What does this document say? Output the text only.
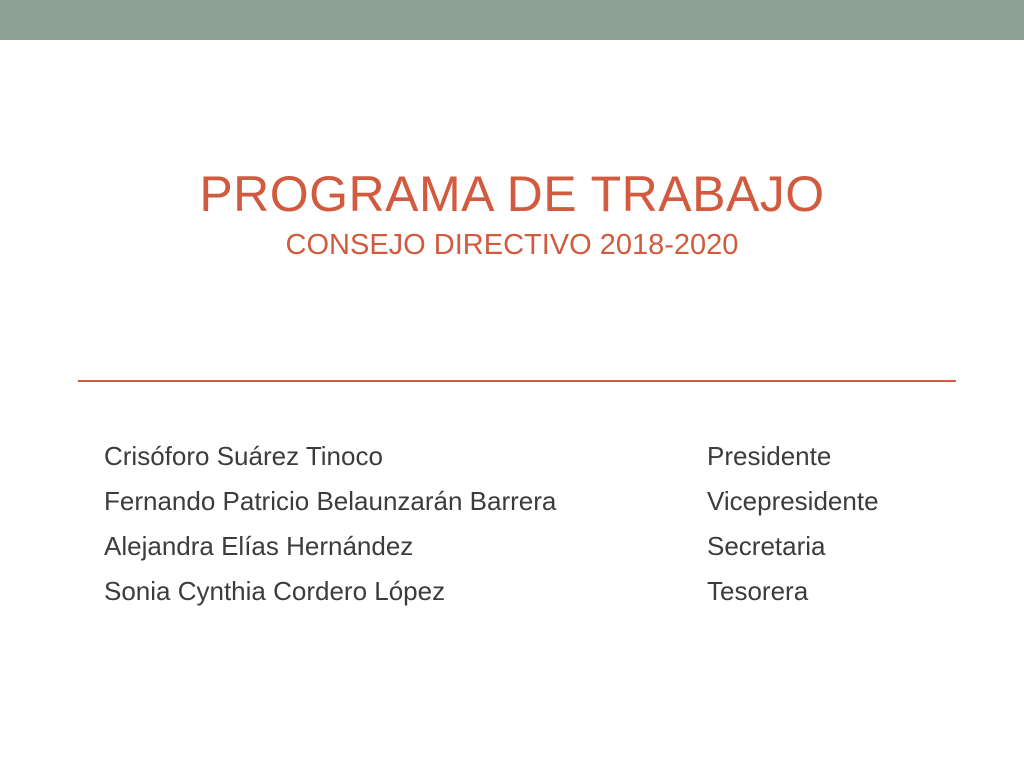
PROGRAMA DE TRABAJO
CONSEJO DIRECTIVO 2018-2020
Crisóforo Suárez Tinoco	Presidente
Fernando Patricio Belaunzarán Barrera	Vicepresidente
Alejandra Elías Hernández	Secretaria
Sonia Cynthia Cordero López	Tesorera
